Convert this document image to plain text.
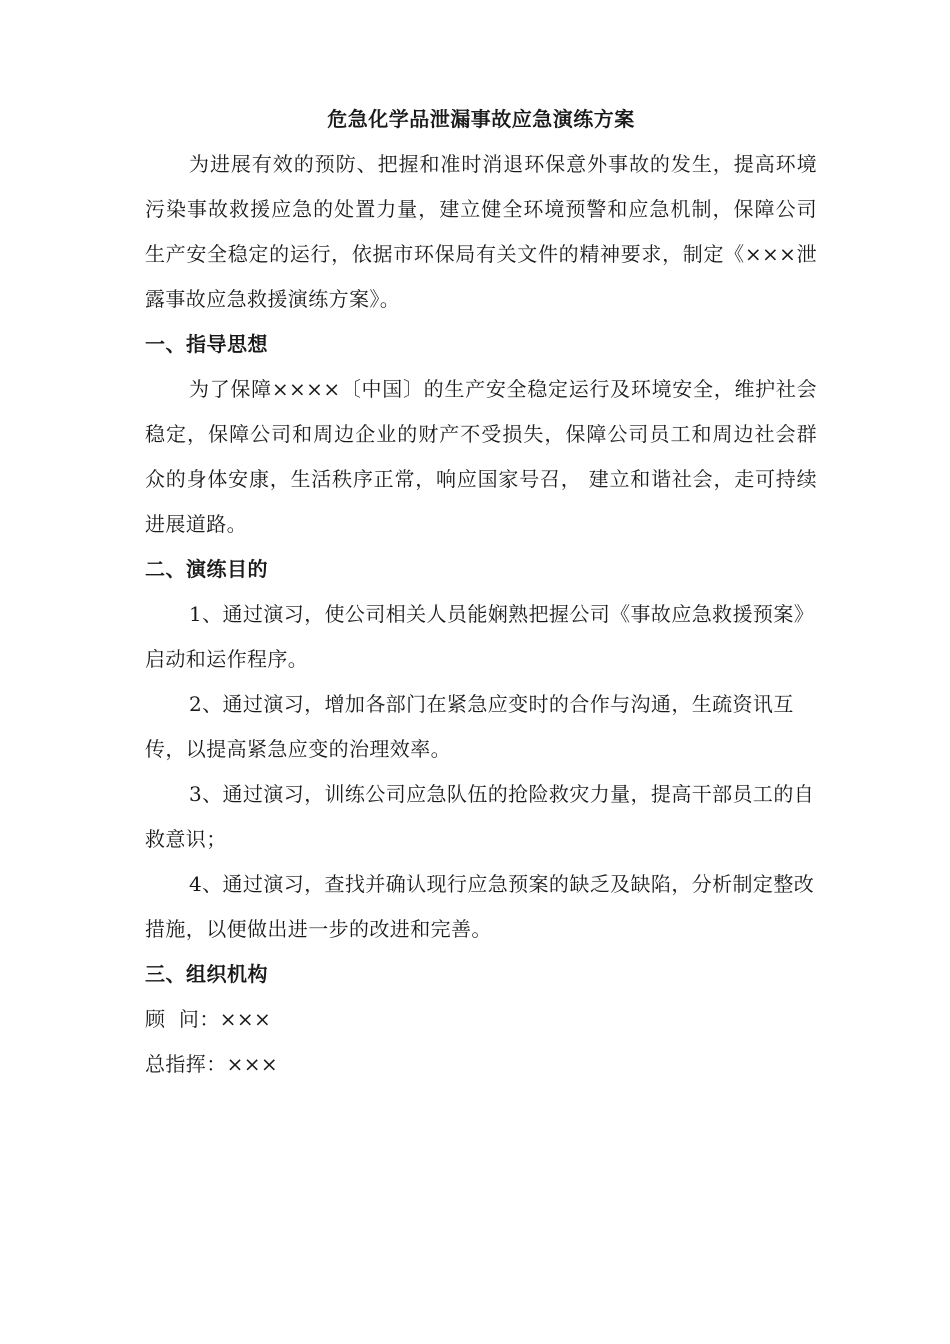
危急化学品泄漏事故应急演练方案

为进展有效的预防、把握和准时消退环保意外事故的发生，提高环境污染事故救援应急的处置力量，建立健全环境预警和应急机制，保障公司生产安全稳定的运行，依据市环保局有关文件的精神要求，制定《×××泄露事故应急救援演练方案》。

一、指导思想

为了保障××××〔中国〕的生产安全稳定运行及环境安全，维护社会稳定，保障公司和周边企业的财产不受损失，保障公司员工和周边社会群众的身体安康，生活秩序正常，响应国家号召， 建立和谐社会，走可持续进展道路。

二、演练目的

1、通过演习，使公司相关人员能娴熟把握公司《事故应急救援预案》启动和运作程序。

2、通过演习，增加各部门在紧急应变时的合作与沟通，生疏资讯互传，以提高紧急应变的治理效率。

3、通过演习，训练公司应急队伍的抢险救灾力量，提高干部员工的自救意识；

4、通过演习，查找并确认现行应急预案的缺乏及缺陷，分析制定整改措施，以便做出进一步的改进和完善。

三、组织机构

顾  问：×××

总指挥：×××
